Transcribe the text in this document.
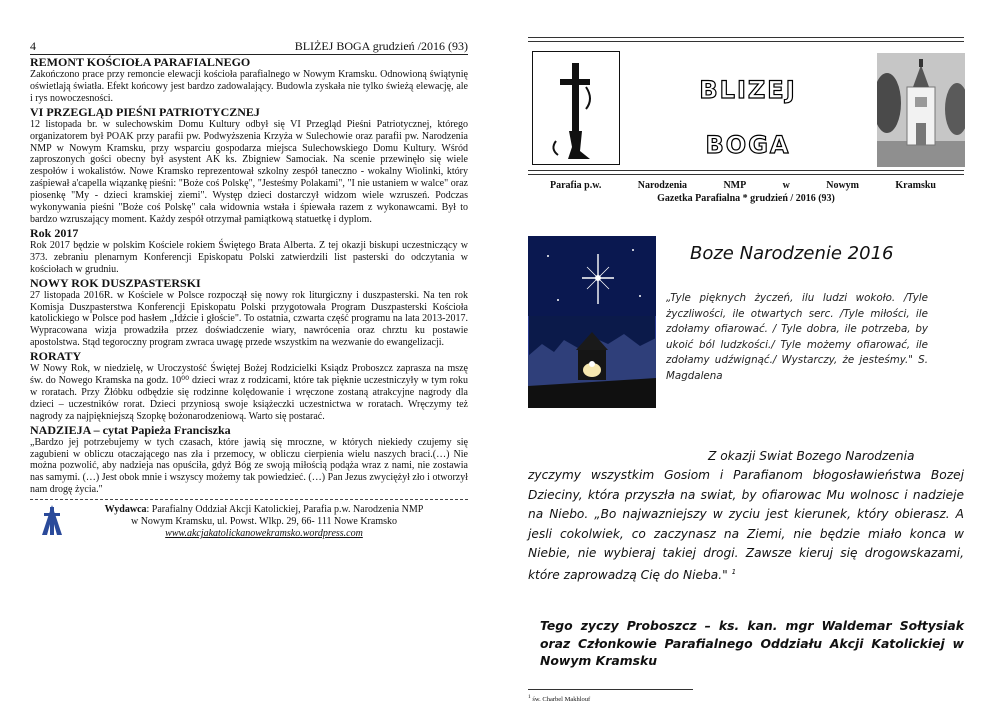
4	BLIŻEJ BOGA grudzień /2016 (93)
REMONT KOŚCIOŁA PARAFIALNEGO
Zakończono prace przy remoncie elewacji kościoła parafialnego w Nowym Kramsku. Odnowioną świątynię oświetlają światła. Efekt końcowy jest bardzo zadowalający. Budowla zyskała nie tylko świeżą elewację, ale i rys nowoczesności.
VI PRZEGLĄD PIEŚNI PATRIOTYCZNEJ
12 listopada br. w sulechowskim Domu Kultury odbył się VI Przegląd Pieśni Patriotycznej, którego organizatorem był POAK przy parafii pw. Podwyższenia Krzyża w Sulechowie oraz parafii pw. Narodzenia NMP w Nowym Kramsku, przy wsparciu gospodarza miejsca Sulechowskiego Domu Kultury. Wśród zaproszonych gości obecny był asystent AK ks. Zbigniew Samociak. Na scenie przewinęło się wiele zespołów i wokalistów. Nowe Kramsko reprezentował szkolny zespół taneczno - wokalny Wiolinki, który zaśpiewał a'capella wiązankę pieśni: "Boże coś Polskę", "Jesteśmy Polakami", "I nie ustaniem w walce" oraz piosenkę "My - dzieci kramskiej ziemi". Występ dzieci dostarczył widzom wiele wzruszeń. Podczas wykonywania pieśni "Boże coś Polskę" cała widownia wstała i śpiewała razem z wykonawcami. Był to bardzo wzruszający moment. Każdy zespół otrzymał pamiątkową statuetkę i dyplom.
Rok 2017
Rok 2017 będzie w polskim Kościele rokiem Świętego Brata Alberta. Z tej okazji biskupi uczestniczący w 373. zebraniu plenarnym Konferencji Episkopatu Polski zatwierdzili list pasterski do odczytania w kościołach w grudniu.
NOWY ROK DUSZPASTERSKI
27 listopada 2016R. w Kościele w Polsce rozpoczął się nowy rok liturgiczny i duszpasterski. Na ten rok Komisja Duszpasterstwa Konferencji Episkopatu Polski przygotowała Program Duszpasterski Kościoła katolickiego w Polsce pod hasłem „Idźcie i głoście". To ostatnia, czwarta część programu na lata 2013-2017. Wypracowana wizja prowadziła przez doświadczenie wiary, nawrócenia oraz chrztu ku postawie apostolstwa. Stąd tegoroczny program zwraca uwagę przede wszystkim na wezwanie do ewangelizacji.
RORATY
W Nowy Rok, w niedzielę, w Uroczystość Świętej Bożej Rodzicielki Ksiądz Proboszcz zaprasza na mszę św. do Nowego Kramska na godz. 10⁰⁰ dzieci wraz z rodzicami, które tak pięknie uczestniczyły w tym roku w roratach. Przy Żłóbku odbędzie się rodzinne kolędowanie i wręczone zostaną atrakcyjne nagrody dla dzieci – uczestników rorat. Dzieci przyniosą swoje książeczki uczestnictwa w roratach. Wręczymy też nagrody za najpiękniejszą Szopkę bożonarodzeniową. Warto się postarać.
NADZIEJA – cytat Papieża Franciszka
„Bardzo jej potrzebujemy w tych czasach, które jawią się mroczne, w których niekiedy czujemy się zagubieni w obliczu otaczającego nas zła i przemocy, w obliczu cierpienia wielu naszych braci.(…) Nie można pozwolić, aby nadzieja nas opuściła, gdyż Bóg ze swoją miłością podąża wraz z nami, nie zostawia nas samymi. (…) Jest obok mnie i wszyscy możemy tak powiedzieć. (…) Pan Jezus zwyciężył zło i otworzył nam drogę życia."
Wydawca: Parafialny Oddział Akcji Katolickiej, Parafia p.w. Narodzenia NMP
w Nowym Kramsku, ul. Powst. Wlkp. 29, 66- 111 Nowe Kramsko
www.akcjakatolickanowekramsko.wordpress.com
BLIZEJ
BOGA
Parafia p.w.	Narodzenia	NMP	w	Nowym	Kramsku
Gazetka Parafialna * grudzień / 2016 (93)
Boze Narodzenie 2016
„Tyle pięknych życzeń, ilu ludzi wokoło. /Tyle życzliwości, ile otwartych serc. /Tyle miłości, ile zdołamy ofiarować. / Tyle dobra, ile potrzeba, by ukoić ból ludzkości./ Tyle możemy ofiarować, ile zdołamy udźwignąć./ Wystarczy, że jesteśmy." S. Magdalena
Z okazji Swiat Bozego Narodzenia
zyczymy wszystkim Gosiom i Parafianom błogosławieństwa Bozej Dzieciny, która przyszła na swiat, by ofiarowac Mu wolnosc i nadzieje na Niebo. „Bo najwazniejszy w zyciu jest kierunek, który obierasz. A jesli cokolwiek, co zaczynasz na Ziemi, nie będzie miało konca w Niebie, nie wybieraj takiej drogi. Zawsze kieruj się drogowskazami, które zaprowadzą Cię do Nieba." $^1$
Tego zyczy Proboszcz – ks. kan. mgr Waldemar Sołtysiak oraz Członkowie Parafialnego Oddziału Akcji Katolickiej w Nowym Kramsku
$^1$ św. Charbel Makhlouf
